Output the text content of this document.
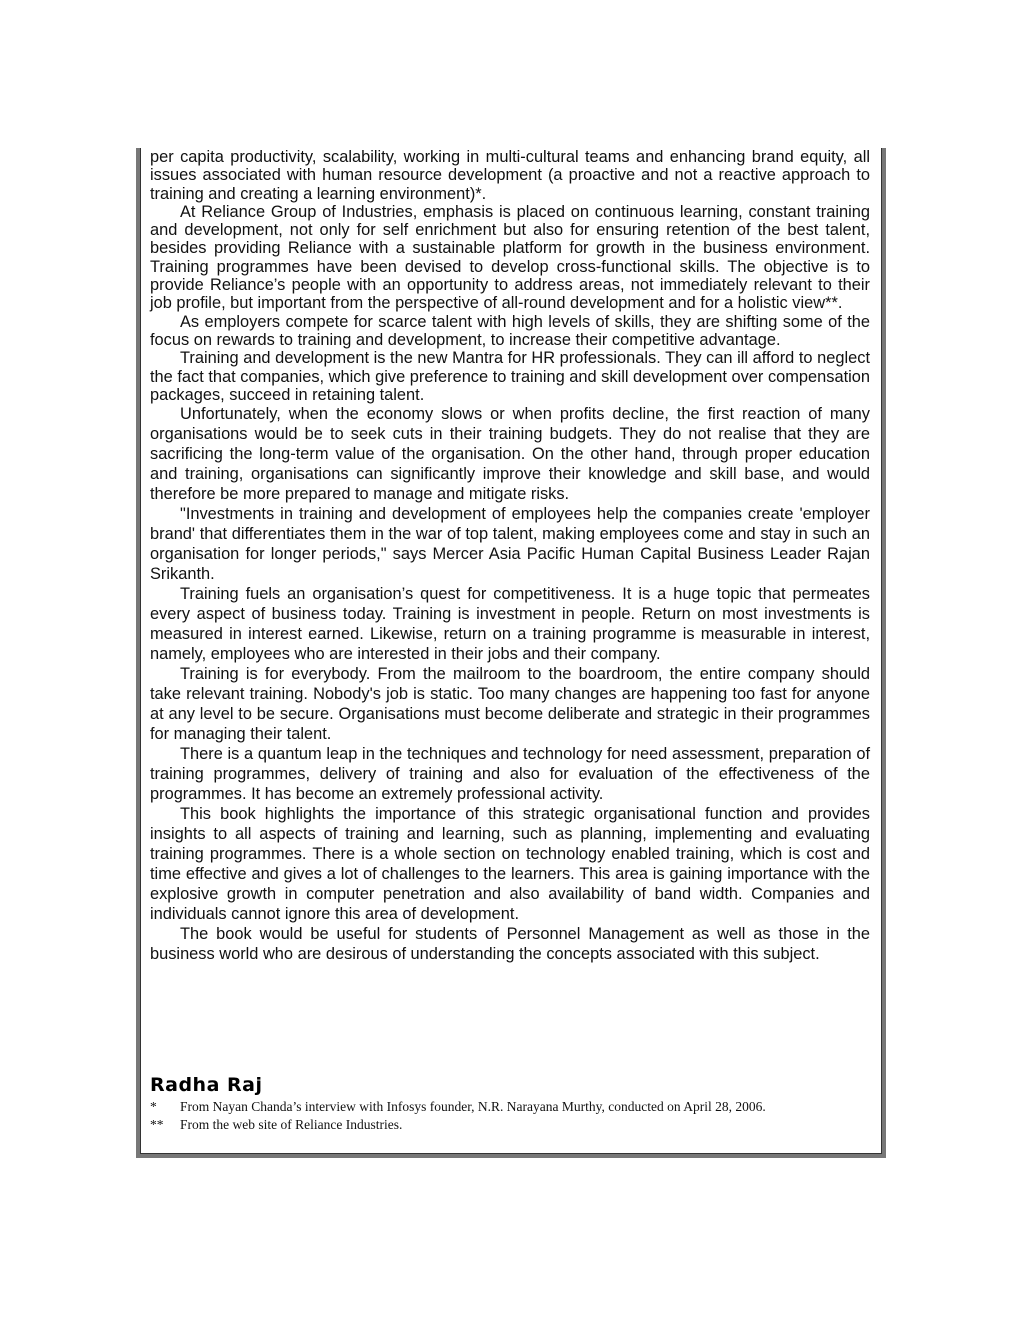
per capita productivity, scalability, working in multi-cultural teams and enhancing brand equity, all issues associated with human resource development (a proactive and not a reactive approach to training and creating a learning environment)*.

At Reliance Group of Industries, emphasis is placed on continuous learning, constant training and development, not only for self enrichment but also for ensuring retention of the best talent, besides providing Reliance with a sustainable platform for growth in the business environment. Training programmes have been devised to develop cross-functional skills. The objective is to provide Reliance’s people with an opportunity to address areas, not immediately relevant to their job profile, but important from the perspective of all-round development and for a holistic view**.

As employers compete for scarce talent with high levels of skills, they are shifting some of the focus on rewards to training and development, to increase their competitive advantage.

Training and development is the new Mantra for HR professionals. They can ill afford to neglect the fact that companies, which give preference to training and skill development over compensation packages, succeed in retaining talent.

Unfortunately, when the economy slows or when profits decline, the first reaction of many organisations would be to seek cuts in their training budgets. They do not realise that they are sacrificing the long-term value of the organisation. On the other hand, through proper education and training, organisations can significantly improve their knowledge and skill base, and would therefore be more prepared to manage and mitigate risks.

"Investments in training and development of employees help the companies create 'employer brand' that differentiates them in the war of top talent, making employees come and stay in such an organisation for longer periods," says Mercer Asia Pacific Human Capital Business Leader Rajan Srikanth.

Training fuels an organisation’s quest for competitiveness. It is a huge topic that permeates every aspect of business today. Training is investment in people. Return on most investments is measured in interest earned. Likewise, return on a training programme is measurable in interest, namely, employees who are interested in their jobs and their company.

Training is for everybody. From the mailroom to the boardroom, the entire company should take relevant training. Nobody's job is static. Too many changes are happening too fast for anyone at any level to be secure. Organisations must become deliberate and strategic in their programmes for managing their talent.

There is a quantum leap in the techniques and technology for need assessment, preparation of training programmes, delivery of training and also for evaluation of the effectiveness of the programmes. It has become an extremely professional activity.

This book highlights the importance of this strategic organisational function and provides insights to all aspects of training and learning, such as planning, implementing and evaluating training programmes. There is a whole section on technology enabled training, which is cost and time effective and gives a lot of challenges to the learners. This area is gaining importance with the explosive growth in computer penetration and also availability of band width. Companies and individuals cannot ignore this area of development.

The book would be useful for students of Personnel Management as well as those in the business world who are desirous of understanding the concepts associated with this subject.

Radha Raj
*	From Nayan Chanda’s interview with Infosys founder, N.R. Narayana Murthy, conducted on April 28, 2006.
**	From the web site of Reliance Industries.
